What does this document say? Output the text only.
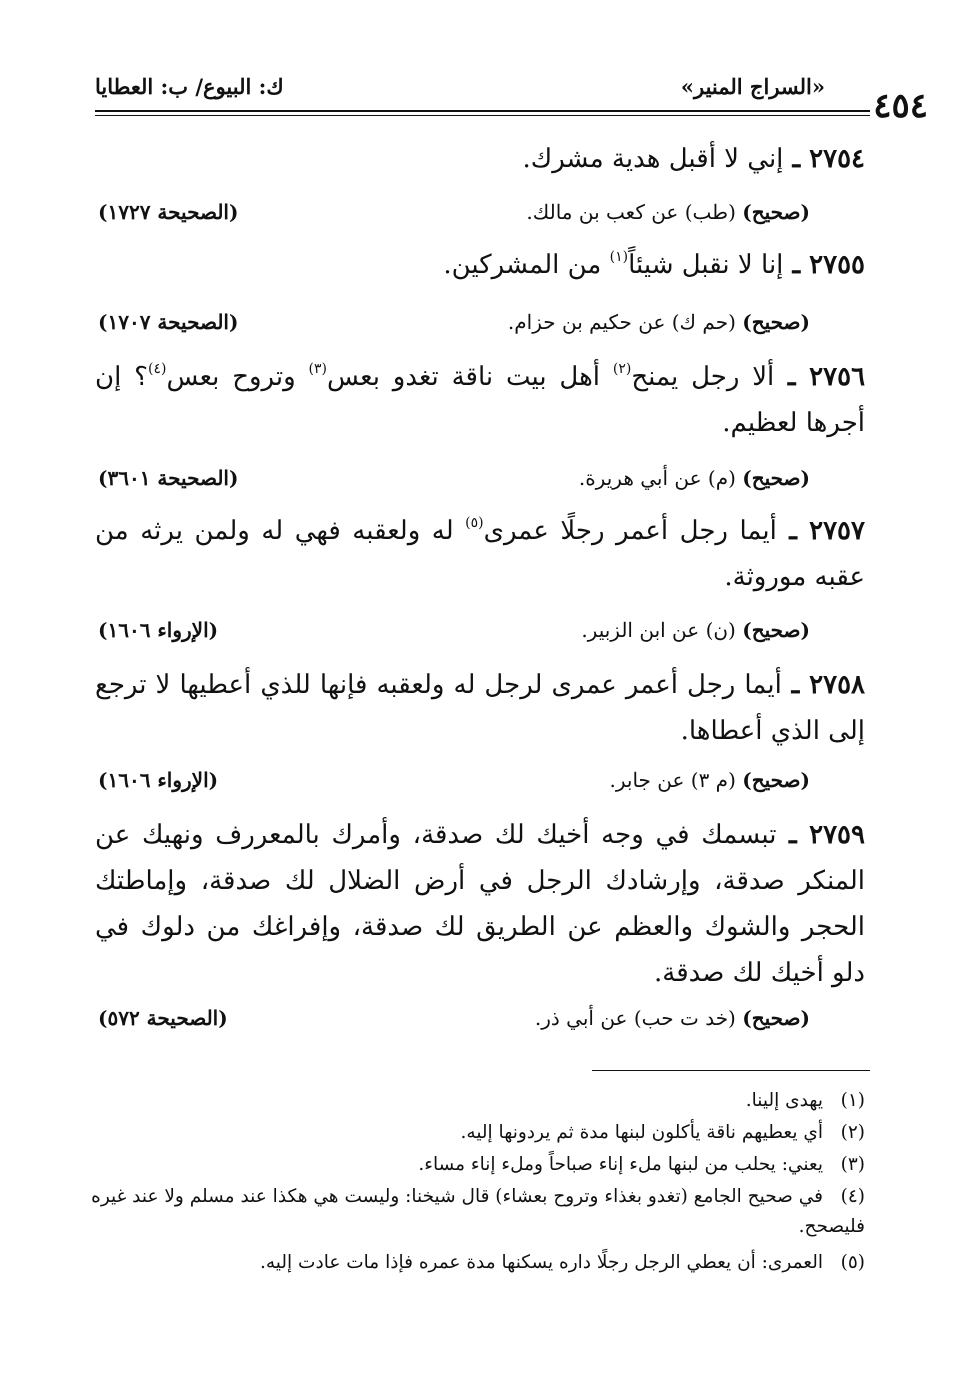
٤٥٤
«السراج المنير»
ك: البيوع/ ب: العطايا
٢٧٥٤ ـ إني لا أقبل هدية مشرك.
(صحيح) (طب) عن كعب بن مالك.
(الصحيحة ١٧٢٧)
٢٧٥٥ ـ إنا لا نقبل شيئاً$^{(١)}$ من المشركين.
(صحيح) (حم ك) عن حكيم بن حزام.
(الصحيحة ١٧٠٧)
٢٧٥٦ ـ ألا رجل يمنح$^{(٢)}$ أهل بيت ناقة تغدو بعس$^{(٣)}$ وتروح بعس$^{(٤)}$؟ إن أجرها لعظيم.
(صحيح) (م) عن أبي هريرة.
(الصحيحة ٣٦٠١)
٢٧٥٧ ـ أيما رجل أعمر رجلًا عمرى$^{(٥)}$ له ولعقبه فهي له ولمن يرثه من عقبه موروثة.
(صحيح) (ن) عن ابن الزبير.
(الإرواء ١٦٠٦)
٢٧٥٨ ـ أيما رجل أعمر عمرى لرجل له ولعقبه فإنها للذي أعطيها لا ترجع إلى الذي أعطاها.
(صحيح) (م ٣) عن جابر.
(الإرواء ١٦٠٦)
٢٧٥٩ ـ تبسمك في وجه أخيك لك صدقة، وأمرك بالمعررف ونهيك عن المنكر صدقة، وإرشادك الرجل في أرض الضلال لك صدقة، وإماطتك الحجر والشوك والعظم عن الطريق لك صدقة، وإفراغك من دلوك في دلو أخيك لك صدقة.
(صحيح) (خد ت حب) عن أبي ذر.
(الصحيحة ٥٧٢)
(١)يهدى إلينا.
(٢)أي يعطيهم ناقة يأكلون لبنها مدة ثم يردونها إليه.
(٣)يعني: يحلب من لبنها ملء إناء صباحاً وملء إناء مساء.
(٤)في صحيح الجامع (تغدو بغذاء وتروح بعشاء) قال شيخنا: وليست هي هكذا عند مسلم ولا عند غيره فليصحح.
(٥)العمرى: أن يعطي الرجل رجلًا داره يسكنها مدة عمره فإذا مات عادت إليه.
